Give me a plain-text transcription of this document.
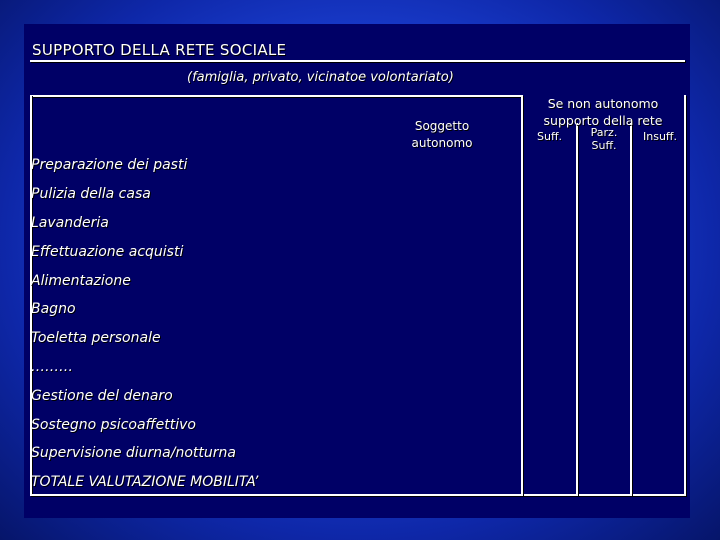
SUPPORTO DELLA RETE SOCIALE
(famiglia, privato, vicinatoe volontariato)
Soggetto
autonomo
Se non autonomo
supporto della rete
Suff.	Parz.
Suff.
Insuff.
Preparazione dei pasti
Pulizia della casa
Lavanderia
Effettuazione acquisti
Alimentazione
Bagno
Toeletta personale
………
Gestione del denaro
Sostegno psicoaffettivo
Supervisione diurna/notturna
TOTALE VALUTAZIONE MOBILITA’
